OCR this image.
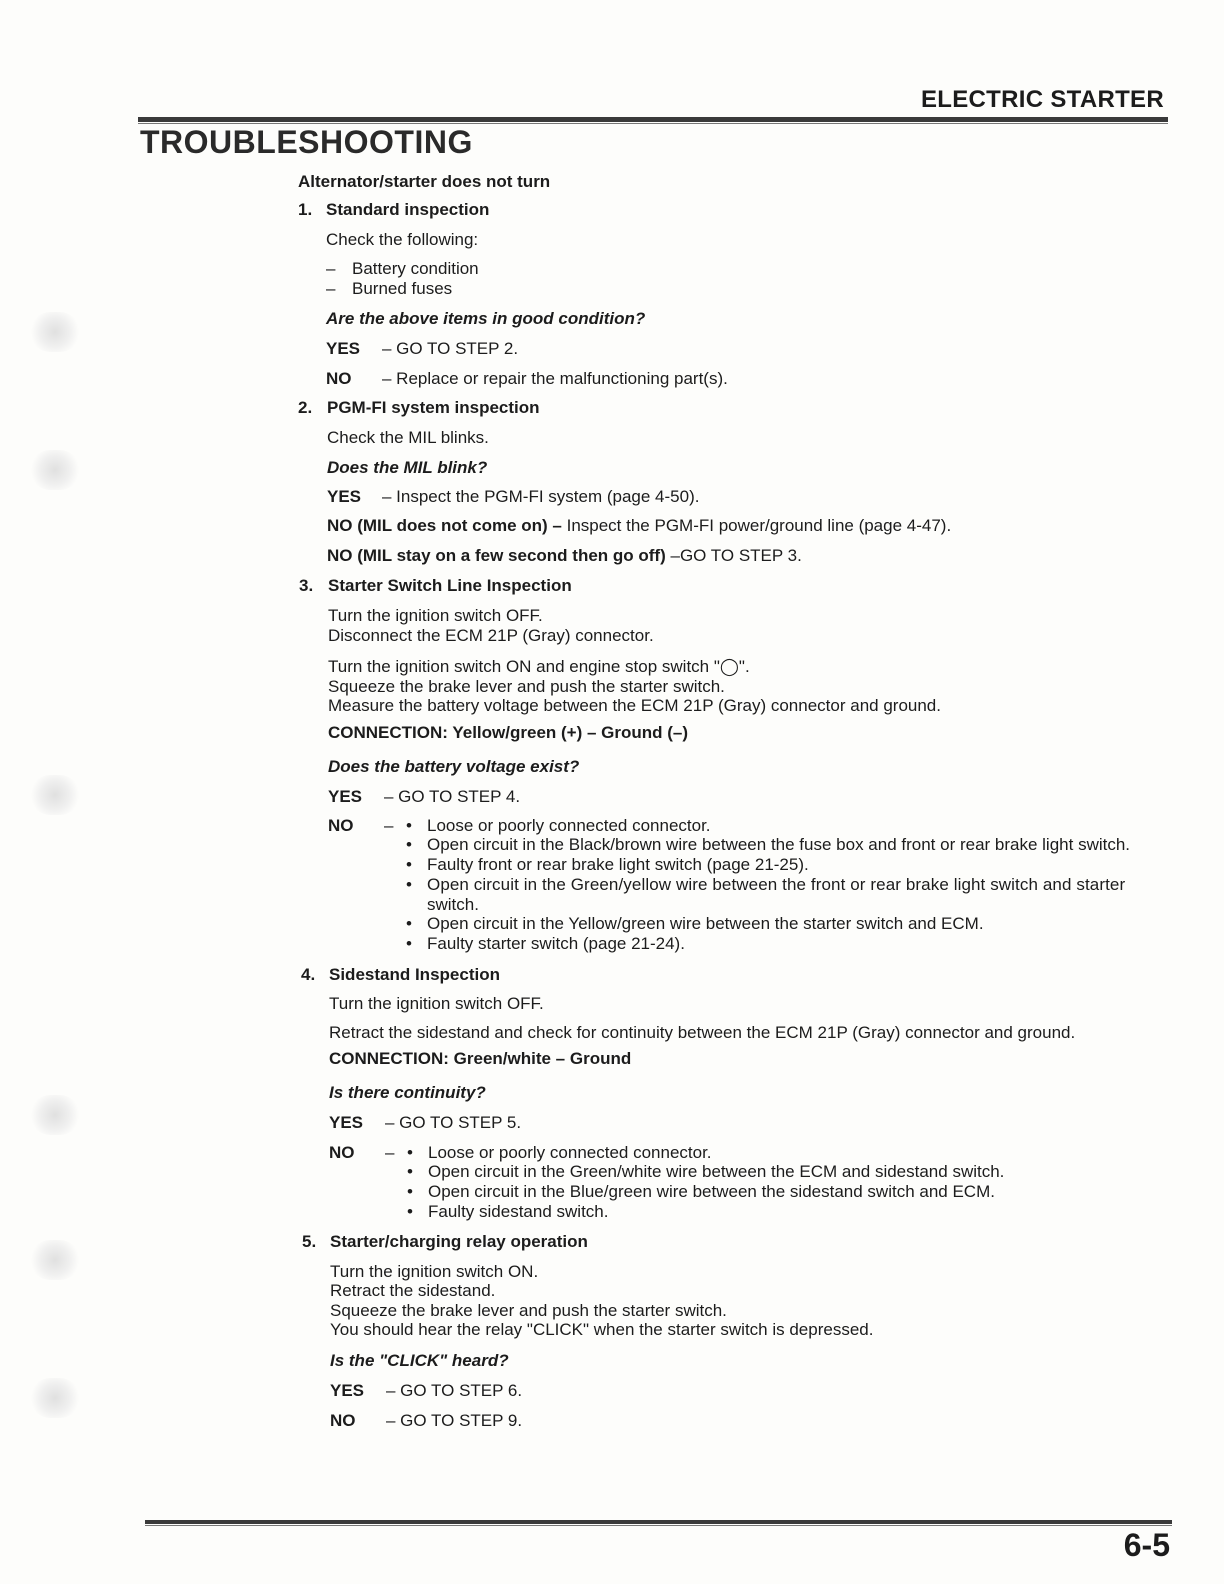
ELECTRIC STARTER
TROUBLESHOOTING
Alternator/starter does not turn
1. Standard inspection
Check the following:
– Battery condition
– Burned fuses
Are the above items in good condition?
YES – GO TO STEP 2.
NO – Replace or repair the malfunctioning part(s).
2. PGM-FI system inspection
Check the MIL blinks.
Does the MIL blink?
YES – Inspect the PGM-FI system (page 4-50).
NO (MIL does not come on) – Inspect the PGM-FI power/ground line (page 4-47).
NO (MIL stay on a few second then go off) –GO TO STEP 3.
3. Starter Switch Line Inspection
Turn the ignition switch OFF.
Disconnect the ECM 21P (Gray) connector.
Turn the ignition switch ON and engine stop switch "◯".
Squeeze the brake lever and push the starter switch.
Measure the battery voltage between the ECM 21P (Gray) connector and ground.
CONNECTION: Yellow/green (+) – Ground (–)
Does the battery voltage exist?
YES – GO TO STEP 4.
NO – • Loose or poorly connected connector.
• Open circuit in the Black/brown wire between the fuse box and front or rear brake light switch.
• Faulty front or rear brake light switch (page 21-25).
• Open circuit in the Green/yellow wire between the front or rear brake light switch and starter
switch.
• Open circuit in the Yellow/green wire between the starter switch and ECM.
• Faulty starter switch (page 21-24).
4. Sidestand Inspection
Turn the ignition switch OFF.
Retract the sidestand and check for continuity between the ECM 21P (Gray) connector and ground.
CONNECTION: Green/white – Ground
Is there continuity?
YES – GO TO STEP 5.
NO – • Loose or poorly connected connector.
• Open circuit in the Green/white wire between the ECM and sidestand switch.
• Open circuit in the Blue/green wire between the sidestand switch and ECM.
• Faulty sidestand switch.
5. Starter/charging relay operation
Turn the ignition switch ON.
Retract the sidestand.
Squeeze the brake lever and push the starter switch.
You should hear the relay "CLICK" when the starter switch is depressed.
Is the "CLICK" heard?
YES – GO TO STEP 6.
NO – GO TO STEP 9.
6-5
